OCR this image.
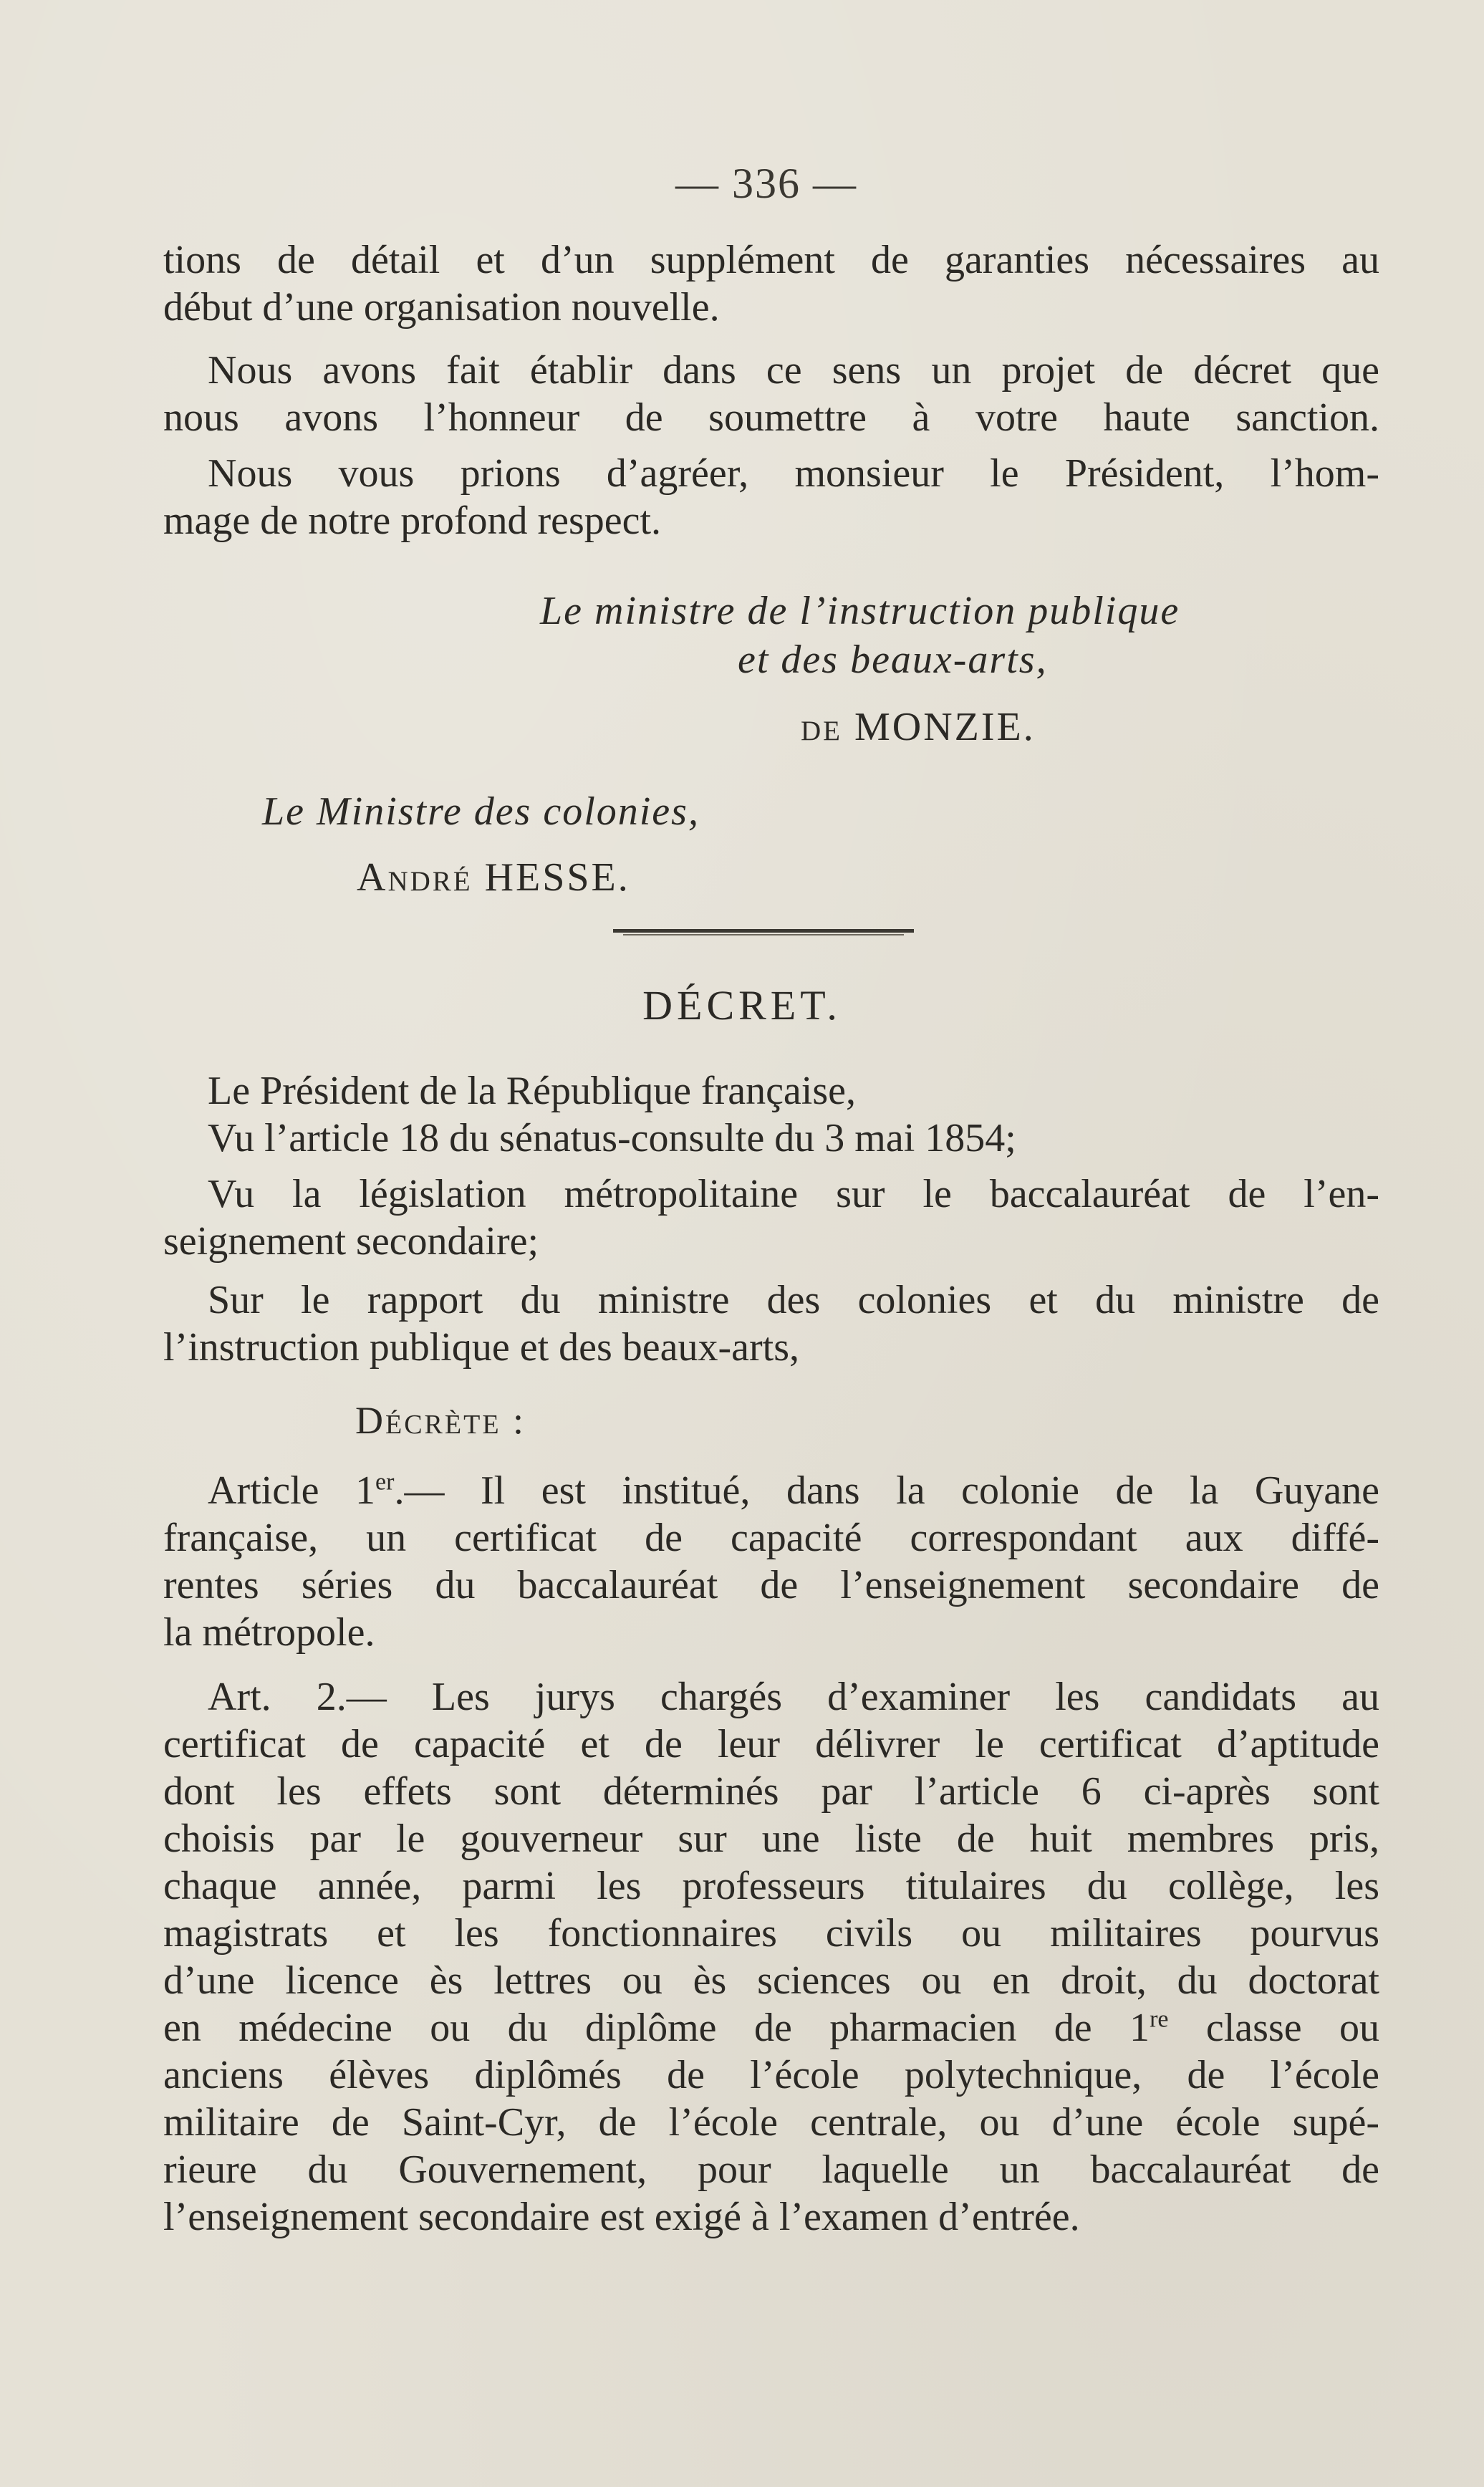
— 336 —
tions de détail et d’un supplément de garanties nécessaires au
début d’une organisation nouvelle.
Nous avons fait établir dans ce sens un projet de décret que
nous avons l’honneur de soumettre à votre haute sanction.
Nous vous prions d’agréer, monsieur le Président, l’hom-
mage de notre profond respect.
Le ministre de l’instruction publique
et des beaux-arts,
de MONZIE.
Le Ministre des colonies,
André HESSE.
DÉCRET.
Le Président de la République française,
Vu l’article 18 du sénatus-consulte du 3 mai 1854;
Vu la législation métropolitaine sur le baccalauréat de l’en-
seignement secondaire;
Sur le rapport du ministre des colonies et du ministre de
l’instruction publique et des beaux-arts,
Décrète :
Article 1er.— Il est institué, dans la colonie de la Guyane
française, un certificat de capacité correspondant aux diffé-
rentes séries du baccalauréat de l’enseignement secondaire de
la métropole.
Art. 2.— Les jurys chargés d’examiner les candidats au
certificat de capacité et de leur délivrer le certificat d’aptitude
dont les effets sont déterminés par l’article 6 ci-après sont
choisis par le gouverneur sur une liste de huit membres pris,
chaque année, parmi les professeurs titulaires du collège, les
magistrats et les fonctionnaires civils ou militaires pourvus
d’une licence ès lettres ou ès sciences ou en droit, du doctorat
en médecine ou du diplôme de pharmacien de 1re classe ou
anciens élèves diplômés de l’école polytechnique, de l’école
militaire de Saint-Cyr, de l’école centrale, ou d’une école supé-
rieure du Gouvernement, pour laquelle un baccalauréat de
l’enseignement secondaire est exigé à l’examen d’entrée.
